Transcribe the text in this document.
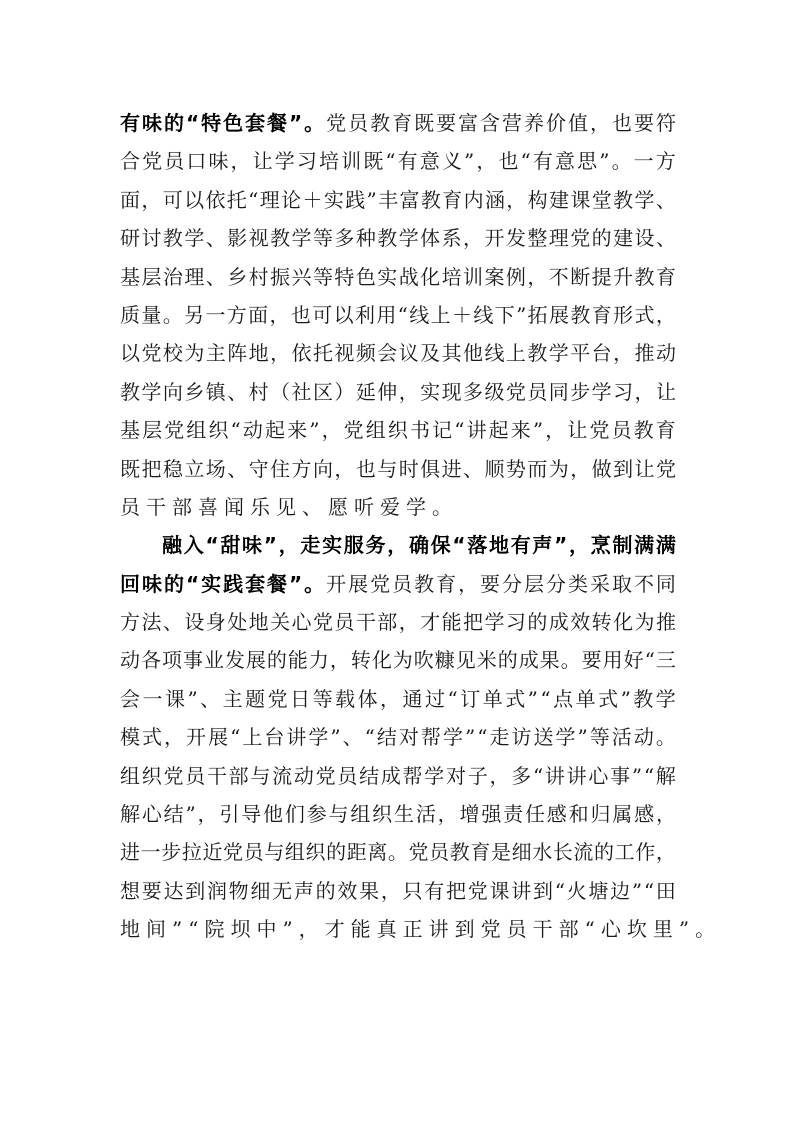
有 味 的 “ 特 色 套 餐 ” 。 党 员 教 育 既 要 富 含 营 养 价 值 ， 也 要 符
合 党 员 口 味 ， 让 学 习 培 训 既 “ 有 意 义 ” ， 也 “ 有 意 思 ” 。 一 方
面 ， 可 以 依 托 “ 理 论 ＋ 实 践 ” 丰 富 教 育 内 涵 ， 构 建 课 堂 教 学 、
研 讨 教 学 、 影 视 教 学 等 多 种 教 学 体 系 ， 开 发 整 理 党 的 建 设 、
基 层 治 理 、 乡 村 振 兴 等 特 色 实 战 化 培 训 案 例 ， 不 断 提 升 教 育
质 量 。 另 一 方 面 ， 也 可 以 利 用 “ 线 上 ＋ 线 下 ” 拓 展 教 育 形 式 ，
以 党 校 为 主 阵 地 ， 依 托 视 频 会 议 及 其 他 线 上 教 学 平 台 ， 推 动
教 学 向 乡 镇 、 村 （ 社 区 ） 延 伸 ， 实 现 多 级 党 员 同 步 学 习 ， 让
基 层 党 组 织 “ 动 起 来 ” ， 党 组 织 书 记 “ 讲 起 来 ” ， 让 党 员 教 育
既 把 稳 立 场 、 守 住 方 向 ， 也 与 时 俱 进 、 顺 势 而 为 ， 做 到 让 党
员干部喜闻乐见、愿听爱学。
融 入 “ 甜 味 ” ， 走 实 服 务 ， 确 保 “ 落 地 有 声 ” ， 烹 制 满 满
回 味 的 “ 实 践 套 餐 ” 。 开 展 党 员 教 育 ， 要 分 层 分 类 采 取 不 同
方 法 、 设 身 处 地 关 心 党 员 干 部 ， 才 能 把 学 习 的 成 效 转 化 为 推
动 各 项 事 业 发 展 的 能 力 ， 转 化 为 吹 糠 见 米 的 成 果 。 要 用 好 “ 三
会 一 课 ” 、 主 题 党 日 等 载 体 ， 通 过 “ 订 单 式 ” “ 点 单 式 ” 教 学
模 式 ， 开 展 “ 上 台 讲 学 ” 、 “ 结 对 帮 学 ” “ 走 访 送 学 ” 等 活 动 。
组 织 党 员 干 部 与 流 动 党 员 结 成 帮 学 对 子 ， 多 “ 讲 讲 心 事 ” “ 解
解 心 结 ” ， 引 导 他 们 参 与 组 织 生 活 ， 增 强 责 任 感 和 归 属 感 ，
进 一 步 拉 近 党 员 与 组 织 的 距 离 。 党 员 教 育 是 细 水 长 流 的 工 作 ，
想 要 达 到 润 物 细 无 声 的 效 果 ， 只 有 把 党 课 讲 到 “ 火 塘 边 ” “ 田
地间”“院坝中”，才能真正讲到党员干部“心坎里”。
